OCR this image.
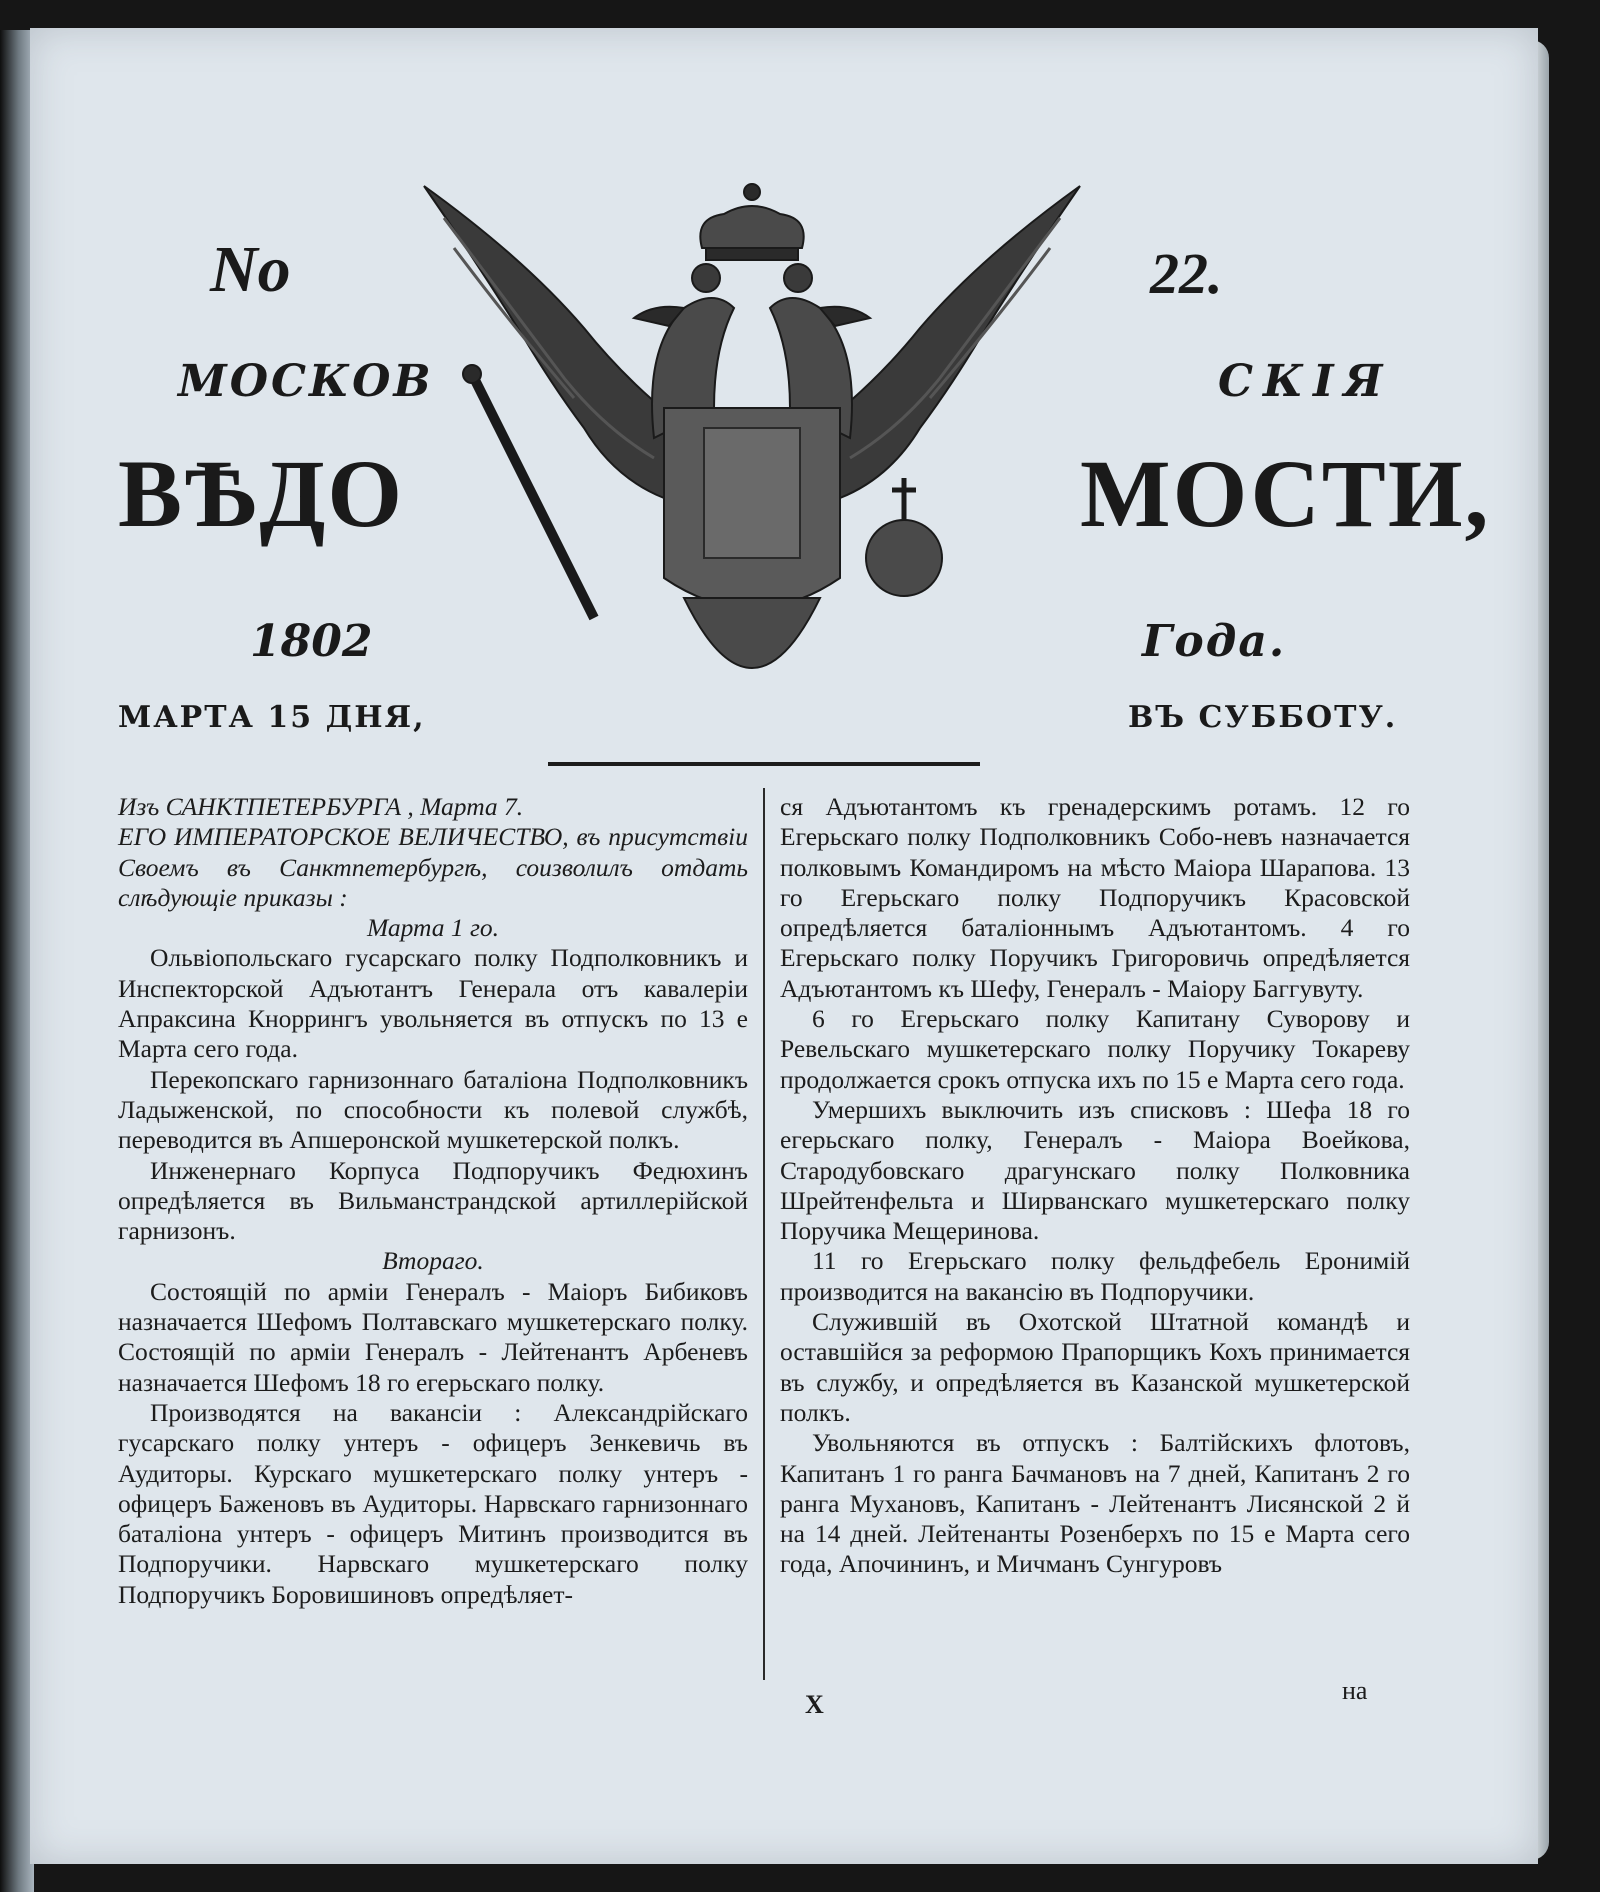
No	22.
МОСКОВ	СКІЯ
ВѢДО	МОСТИ,
1802	Года.
МАРТА 15 ДНЯ,	ВЪ СУББОТУ.

Изъ САНКТПЕТЕРБУРГА , Марта 7.

ЕГО ИМПЕРАТОРСКОЕ ВЕЛИЧЕСТВО, въ присутствіи Своемъ въ Санктпетербургѣ, соизволилъ отдать слѣдующіе приказы :

Марта 1 го.

Ольвіопольскаго гусарскаго полку Подполковникъ и Инспекторской Адъютантъ Генерала отъ кавалеріи Апраксина Кноррингъ увольняется въ отпускъ по 13 е Марта сего года.

Перекопскаго гарнизоннаго баталіона Подполковникъ Ладыженской, по способности къ полевой службѣ, переводится въ Апшеронской мушкетерской полкъ.

Инженернаго Корпуса Подпоручикъ Федюхинъ опредѣляется въ Вильманстрандской артиллерійской гарнизонъ.

Втораго.

Состоящій по арміи Генералъ - Маіоръ Бибиковъ назначается Шефомъ Полтавскаго мушкетерскаго полку. Состоящій по арміи Генералъ - Лейтенантъ Арбеневъ назначается Шефомъ 18 го егерьскаго полку.

Производятся на вакансіи : Александрійскаго гусарскаго полку унтеръ - офицеръ Зенкевичь въ Аудиторы. Курскаго мушкетерскаго полку унтеръ - офицеръ Баженовъ въ Аудиторы. Нарвскаго гарнизоннаго баталіона унтеръ - офицеръ Митинъ производится въ Подпоручики. Нарвскаго мушкетерскаго полку Подпоручикъ Боровишиновъ опредѣляет-

ся Адъютантомъ къ гренадерскимъ ротамъ. 12 го Егерьскаго полку Подполковникъ Собо-невъ назначается полковымъ Командиромъ на мѣсто Маіора Шарапова. 13 го Егерьскаго полку Подпоручикъ Красовской опредѣляется баталіоннымъ Адъютантомъ. 4 го Егерьскаго полку Поручикъ Григоровичь опредѣляется Адъютантомъ къ Шефу, Генералъ - Маіору Баггувуту.

6 го Егерьскаго полку Капитану Суворову и Ревельскаго мушкетерскаго полку Поручику Токареву продолжается срокъ отпуска ихъ по 15 е Марта сего года.

Умершихъ выключить изъ списковъ : Шефа 18 го егерьскаго полку, Генералъ - Маіора Воейкова, Стародубовскаго драгунскаго полку Полковника Шрейтенфельта и Ширванскаго мушкетерскаго полку Поручика Мещеринова.

11 го Егерьскаго полку фельдфебель Еронимій производится на вакансію въ Подпоручики.

Служившій въ Охотской Штатной командѣ и оставшійся за реформою Прапорщикъ Кохъ принимается въ службу, и опредѣляется въ Казанской мушкетерской полкъ.

Увольняются въ отпускъ : Балтійскихъ флотовъ, Капитанъ 1 го ранга Бачмановъ на 7 дней, Капитанъ 2 го ранга Мухановъ, Капитанъ - Лейтенантъ Лисянской 2 й на 14 дней. Лейтенанты Розенберхъ по 15 е Марта сего года, Апочининъ, и Мичманъ Сунгуровъ

X	на
